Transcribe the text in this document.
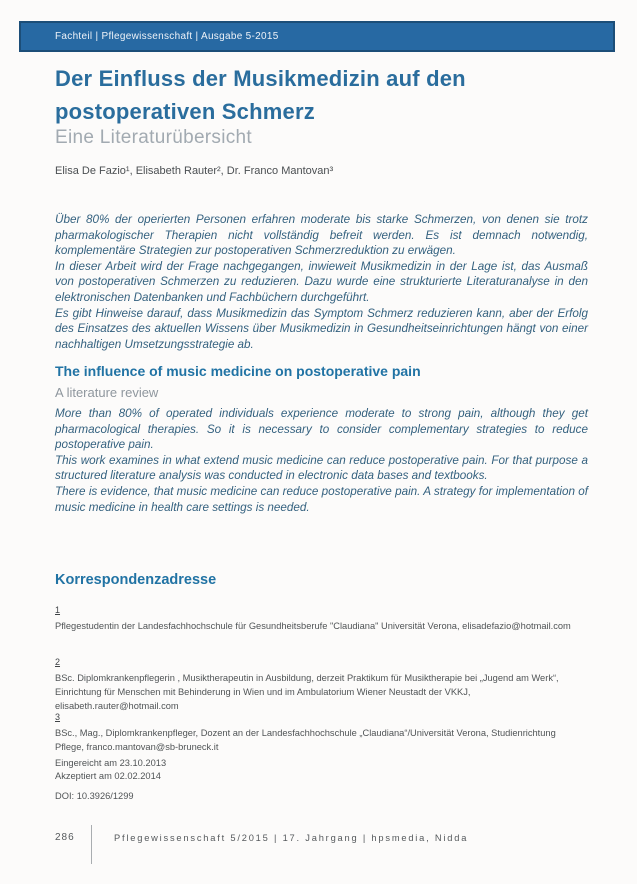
Fachteil | Pflegewissenschaft | Ausgabe 5-2015
Der Einfluss der Musikmedizin auf den
postoperativen Schmerz
Eine Literaturübersicht
Elisa De Fazio¹, Elisabeth Rauter², Dr. Franco Mantovan³

Über 80% der operierten Personen erfahren moderate bis starke Schmerzen, von denen sie trotz pharmakologischer Therapien nicht vollständig befreit werden. Es ist demnach notwendig, komplementäre Strategien zur postoperativen Schmerzreduktion zu erwägen.

In dieser Arbeit wird der Frage nachgegangen, inwieweit Musikmedizin in der Lage ist, das Ausmaß von postoperativen Schmerzen zu reduzieren. Dazu wurde eine strukturierte Literaturanalyse in den elektronischen Datenbanken und Fachbüchern durchgeführt.

Es gibt Hinweise darauf, dass Musikmedizin das Symptom Schmerz reduzieren kann, aber der Erfolg des Einsatzes des aktuellen Wissens über Musikmedizin in Gesundheitseinrichtungen hängt von einer nachhaltigen Umsetzungsstrategie ab.

The influence of music medicine on postoperative pain
A literature review

More than 80% of operated individuals experience moderate to strong pain, although they get pharmacological therapies. So it is necessary to consider complementary strategies to reduce postoperative pain.

This work examines in what extend music medicine can reduce postoperative pain. For that purpose a structured literature analysis was conducted in electronic data bases and textbooks.

There is evidence, that music medicine can reduce postoperative pain. A strategy for implementation of music medicine in health care settings is needed.

Korrespondenzadresse
1
Pflegestudentin der Landesfachhochschule für Gesundheitsberufe "Claudiana" Universität Verona, elisadefazio@hotmail.com
2
BSc. Diplomkrankenpflegerin , Musiktherapeutin in Ausbildung, derzeit Praktikum für Musiktherapie bei „Jugend am Werk“, Einrichtung für Menschen mit Behinderung in Wien und im Ambulatorium Wiener Neustadt der VKKJ, elisabeth.rauter@hotmail.com
3
BSc., Mag., Diplomkrankenpfleger, Dozent an der Landesfachhochschule „Claudiana“/Universität Verona, Studienrichtung Pflege, franco.mantovan@sb-bruneck.it
Eingereicht am 23.10.2013
Akzeptiert am 02.02.2014
DOI: 10.3926/1299
286	Pflegewissenschaft 5/2015 | 17. Jahrgang | hpsmedia, Nidda
